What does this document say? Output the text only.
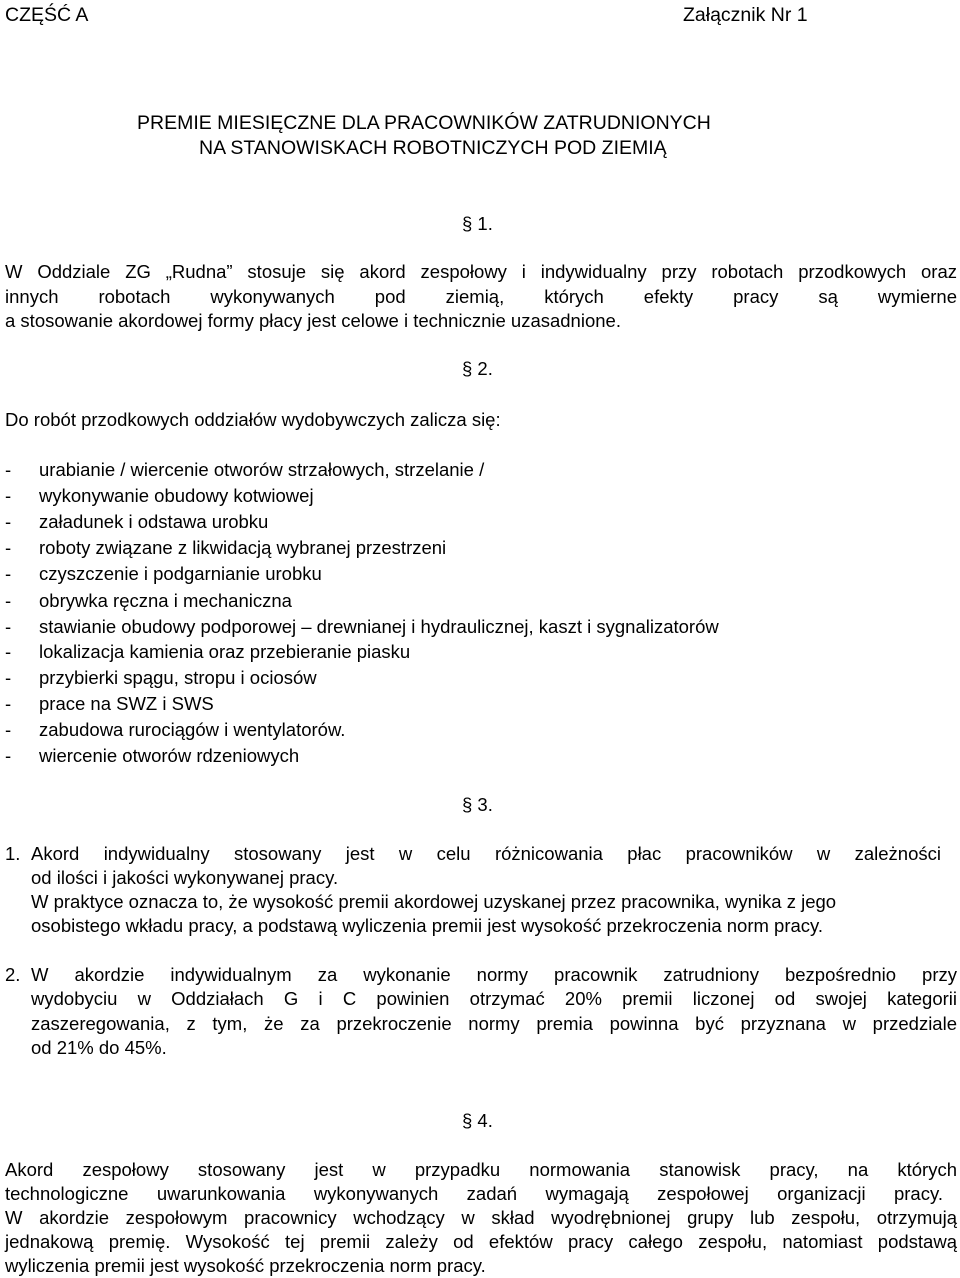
CZĘŚĆ A	Załącznik Nr 1
PREMIE MIESIĘCZNE DLA PRACOWNIKÓW ZATRUDNIONYCH
NA STANOWISKACH ROBOTNICZYCH POD ZIEMIĄ
§ 1.
W Oddziale ZG „Rudna” stosuje się akord zespołowy i indywidualny przy robotach przodkowych oraz
innych robotach wykonywanych pod ziemią, których efekty pracy są wymierne
a stosowanie akordowej formy płacy jest celowe i technicznie uzasadnione.
§ 2.
Do robót przodkowych oddziałów wydobywczych zalicza się:
- urabianie / wiercenie otworów strzałowych, strzelanie /
- wykonywanie obudowy kotwiowej
- załadunek i odstawa urobku
- roboty związane z likwidacją wybranej przestrzeni
- czyszczenie i podgarnianie urobku
- obrywka ręczna i mechaniczna
- stawianie obudowy podporowej – drewnianej i hydraulicznej, kaszt i sygnalizatorów
- lokalizacja kamienia oraz przebieranie piasku
- przybierki spągu, stropu i ociosów
- prace na SWZ i SWS
- zabudowa rurociągów i wentylatorów.
- wiercenie otworów rdzeniowych
§ 3.
1. Akord indywidualny stosowany jest w celu różnicowania płac pracowników w zależności
od ilości i jakości wykonywanej pracy.
W praktyce oznacza to, że wysokość premii akordowej uzyskanej przez pracownika, wynika z jego
osobistego wkładu pracy, a podstawą wyliczenia premii jest wysokość przekroczenia norm pracy.
2. W akordzie indywidualnym za wykonanie normy pracownik zatrudniony bezpośrednio przy
wydobyciu w Oddziałach G i C powinien otrzymać 20% premii liczonej od swojej kategorii
zaszeregowania, z tym, że za przekroczenie normy premia powinna być przyznana w przedziale
od 21% do 45%.
§ 4.
Akord zespołowy stosowany jest w przypadku normowania stanowisk pracy, na których
technologiczne uwarunkowania wykonywanych zadań wymagają zespołowej organizacji pracy.
W akordzie zespołowym pracownicy wchodzący w skład wyodrębnionej grupy lub zespołu, otrzymują
jednakową premię. Wysokość tej premii zależy od efektów pracy całego zespołu, natomiast podstawą
wyliczenia premii jest wysokość przekroczenia norm pracy.
